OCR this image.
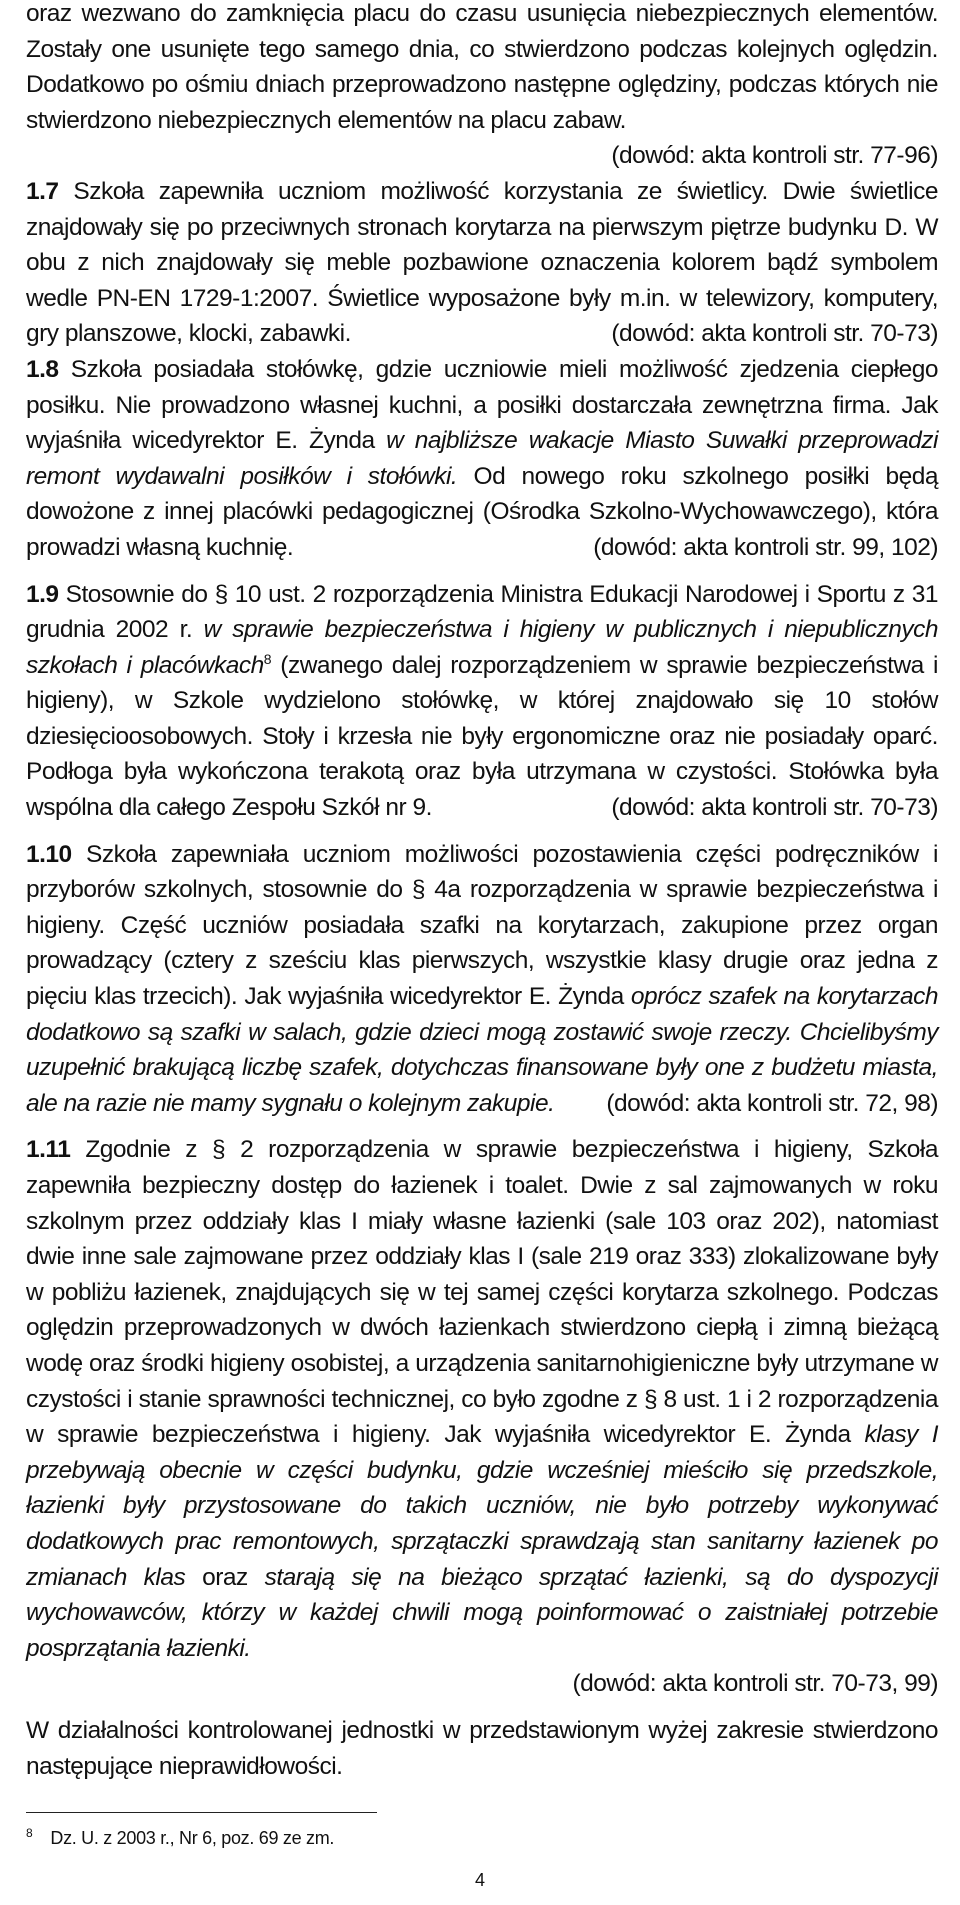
oraz wezwano do zamknięcia placu do czasu usunięcia niebezpiecznych elementów. Zostały one usunięte tego samego dnia, co stwierdzono podczas kolejnych oględzin. Dodatkowo po ośmiu dniach przeprowadzono następne oględziny, podczas których nie stwierdzono niebezpiecznych elementów na placu zabaw.
(dowód: akta kontroli str. 77-96)

1.7 Szkoła zapewniła uczniom możliwość korzystania ze świetlicy. Dwie świetlice znajdowały się po przeciwnych stronach korytarza na pierwszym piętrze budynku D. W obu z nich znajdowały się meble pozbawione oznaczenia kolorem bądź symbolem wedle PN-EN 1729-1:2007. Świetlice wyposażone były m.in. w telewizory, komputery, gry planszowe, klocki, zabawki.	(dowód: akta kontroli str. 70-73)

1.8 Szkoła posiadała stołówkę, gdzie uczniowie mieli możliwość zjedzenia ciepłego posiłku. Nie prowadzono własnej kuchni, a posiłki dostarczała zewnętrzna firma. Jak wyjaśniła wicedyrektor E. Żynda w najbliższe wakacje Miasto Suwałki przeprowadzi remont wydawalni posiłków i stołówki. Od nowego roku szkolnego posiłki będą dowożone z innej placówki pedagogicznej (Ośrodka Szkolno-Wychowawczego), która prowadzi własną kuchnię.	(dowód: akta kontroli str. 99, 102)

1.9 Stosownie do § 10 ust. 2 rozporządzenia Ministra Edukacji Narodowej i Sportu z 31 grudnia 2002 r. w sprawie bezpieczeństwa i higieny w publicznych i niepublicznych szkołach i placówkach$^8$ (zwanego dalej rozporządzeniem w sprawie bezpieczeństwa i higieny), w Szkole wydzielono stołówkę, w której znajdowało się 10 stołów dziesięcioosobowych. Stoły i krzesła nie były ergonomiczne oraz nie posiadały oparć. Podłoga była wykończona terakotą oraz była utrzymana w czystości. Stołówka była wspólna dla całego Zespołu Szkół nr 9.	(dowód: akta kontroli str. 70-73)

1.10 Szkoła zapewniała uczniom możliwości pozostawienia części podręczników i przyborów szkolnych, stosownie do § 4a rozporządzenia w sprawie bezpieczeństwa i higieny. Część uczniów posiadała szafki na korytarzach, zakupione przez organ prowadzący (cztery z sześciu klas pierwszych, wszystkie klasy drugie oraz jedna z pięciu klas trzecich). Jak wyjaśniła wicedyrektor E. Żynda oprócz szafek na korytarzach dodatkowo są szafki w salach, gdzie dzieci mogą zostawić swoje rzeczy. Chcielibyśmy uzupełnić brakującą liczbę szafek, dotychczas finansowane były one z budżetu miasta, ale na razie nie mamy sygnału o kolejnym zakupie. (dowód: akta kontroli str. 72, 98)

1.11 Zgodnie z § 2 rozporządzenia w sprawie bezpieczeństwa i higieny, Szkoła zapewniła bezpieczny dostęp do łazienek i toalet. Dwie z sal zajmowanych w roku szkolnym przez oddziały klas I miały własne łazienki (sale 103 oraz 202), natomiast dwie inne sale zajmowane przez oddziały klas I (sale 219 oraz 333) zlokalizowane były w pobliżu łazienek, znajdujących się w tej samej części korytarza szkolnego. Podczas oględzin przeprowadzonych w dwóch łazienkach stwierdzono ciepłą i zimną bieżącą wodę oraz środki higieny osobistej, a urządzenia sanitarnohigieniczne były utrzymane w czystości i stanie sprawności technicznej, co było zgodne z § 8 ust. 1 i 2 rozporządzenia w sprawie bezpieczeństwa i higieny. Jak wyjaśniła wicedyrektor E. Żynda klasy I przebywają obecnie w części budynku, gdzie wcześniej mieściło się przedszkole, łazienki były przystosowane do takich uczniów, nie było potrzeby wykonywać dodatkowych prac remontowych, sprzątaczki sprawdzają stan sanitarny łazienek po zmianach klas oraz starają się na bieżąco sprzątać łazienki, są do dyspozycji wychowawców, którzy w każdej chwili mogą poinformować o zaistniałej potrzebie posprzątania łazienki.
(dowód: akta kontroli str. 70-73, 99)

W działalności kontrolowanej jednostki w przedstawionym wyżej zakresie stwierdzono następujące nieprawidłowości.

$^8$ Dz. U. z 2003 r., Nr 6, poz. 69 ze zm.
4
